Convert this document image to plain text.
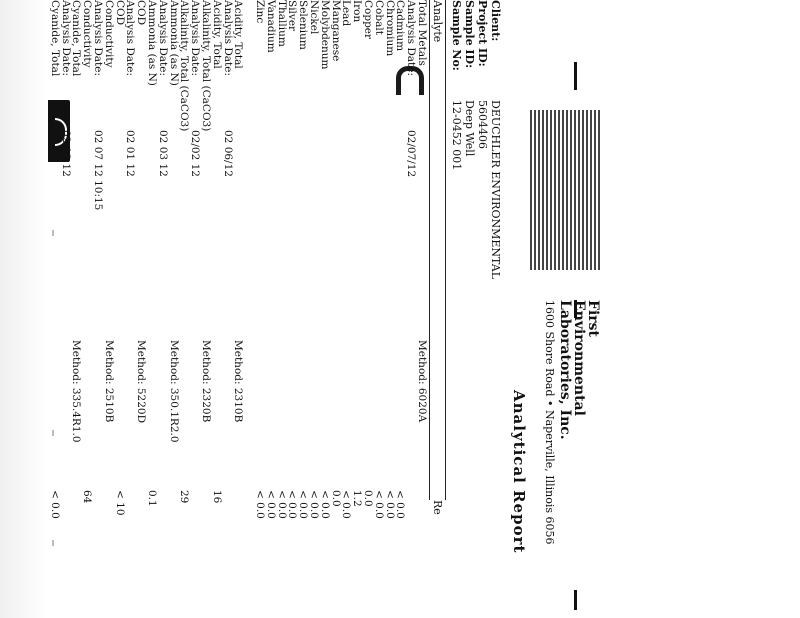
First
Environmental
Laboratories, Inc.
1600 Shore Road • Naperville, Illinois 6056
Analytical Report
Client:
DEUCHLER ENVIRONMENTAL
Project ID:
5604406
Sample ID:
Deep Well
Sample No:
12-0452 001
Analyte
Re
Total Metals
Method: 6020A
Analysis Date:
02/07/12
Cadmium
< 0.0
Chromium
< 0.0
Cobalt
< 0.0
Copper
0.0
Iron
1.2
Lead
< 0.0
Manganese
0.0
Molybdenum
< 0.0
Nickel
< 0.0
Selenium
< 0.0
Silver
< 0.0
Thallium
< 0.0
Vanadium
< 0.0
Zinc
< 0.0
Acidity, Total
Method: 2310B
Analysis Date:
02 06/12
Acidity, Total
16
Alkalinity, Total (CaCO3)
Method: 2320B
Analysis Date:
02/02 12
Alkalinity, Total (CaCO3)
29
Ammonia (as N)
Method: 350.1R2.0
Analysis Date:
02 03 12
Ammonia (as N)
0.1
COD
Method: 5220D
Analysis Date:
02 01 12
COD
< 10
Conductivity
Method: 2510B
Analysis Date:
02 07 12 10:15
Conductivity
64
Cyanide, Total
Method: 335.4R1.0
Analysis Date:
02 03 12
Cyanide, Total
< 0.0
